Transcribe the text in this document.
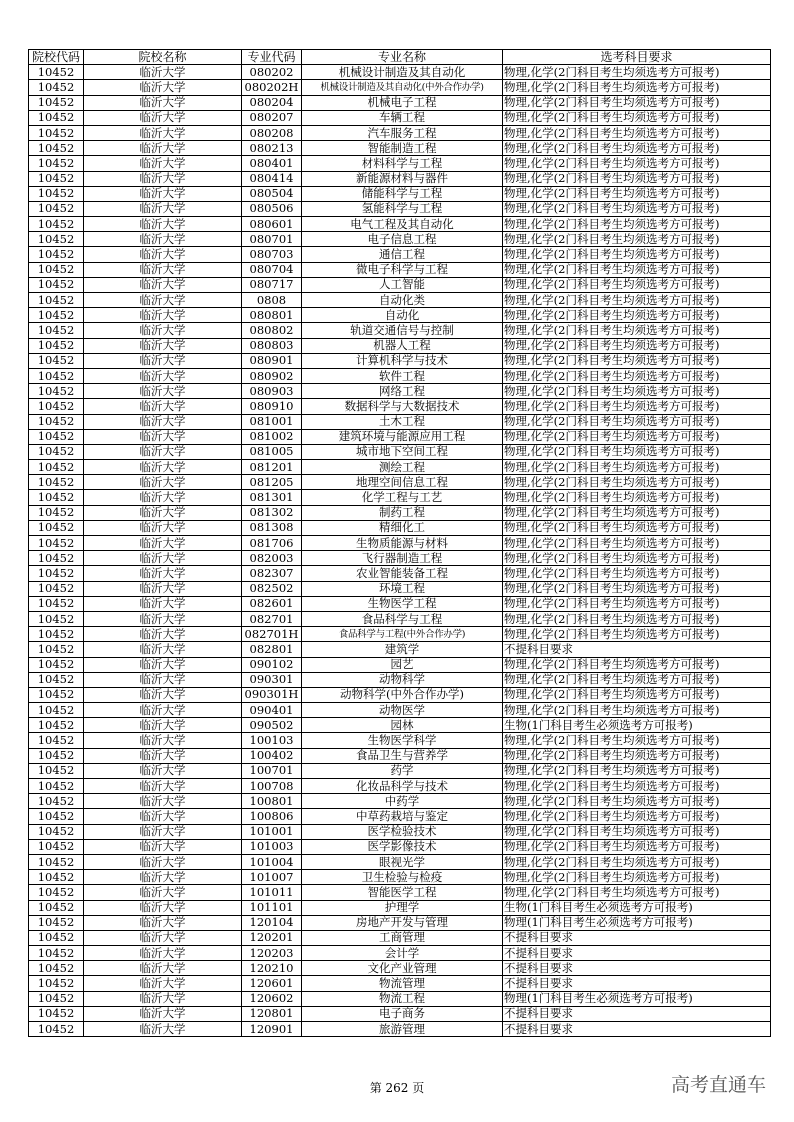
院校代码	院校名称	专业代码	专业名称	选考科目要求
10452	临沂大学	080202	机械设计制造及其自动化	物理,化学(2门科目考生均须选考方可报考)
10452	临沂大学	080202H	机械设计制造及其自动化(中外合作办学)	物理,化学(2门科目考生均须选考方可报考)
10452	临沂大学	080204	机械电子工程	物理,化学(2门科目考生均须选考方可报考)
10452	临沂大学	080207	车辆工程	物理,化学(2门科目考生均须选考方可报考)
10452	临沂大学	080208	汽车服务工程	物理,化学(2门科目考生均须选考方可报考)
10452	临沂大学	080213	智能制造工程	物理,化学(2门科目考生均须选考方可报考)
10452	临沂大学	080401	材料科学与工程	物理,化学(2门科目考生均须选考方可报考)
10452	临沂大学	080414	新能源材料与器件	物理,化学(2门科目考生均须选考方可报考)
10452	临沂大学	080504	储能科学与工程	物理,化学(2门科目考生均须选考方可报考)
10452	临沂大学	080506	氢能科学与工程	物理,化学(2门科目考生均须选考方可报考)
10452	临沂大学	080601	电气工程及其自动化	物理,化学(2门科目考生均须选考方可报考)
10452	临沂大学	080701	电子信息工程	物理,化学(2门科目考生均须选考方可报考)
10452	临沂大学	080703	通信工程	物理,化学(2门科目考生均须选考方可报考)
10452	临沂大学	080704	微电子科学与工程	物理,化学(2门科目考生均须选考方可报考)
10452	临沂大学	080717	人工智能	物理,化学(2门科目考生均须选考方可报考)
10452	临沂大学	0808	自动化类	物理,化学(2门科目考生均须选考方可报考)
10452	临沂大学	080801	自动化	物理,化学(2门科目考生均须选考方可报考)
10452	临沂大学	080802	轨道交通信号与控制	物理,化学(2门科目考生均须选考方可报考)
10452	临沂大学	080803	机器人工程	物理,化学(2门科目考生均须选考方可报考)
10452	临沂大学	080901	计算机科学与技术	物理,化学(2门科目考生均须选考方可报考)
10452	临沂大学	080902	软件工程	物理,化学(2门科目考生均须选考方可报考)
10452	临沂大学	080903	网络工程	物理,化学(2门科目考生均须选考方可报考)
10452	临沂大学	080910	数据科学与大数据技术	物理,化学(2门科目考生均须选考方可报考)
10452	临沂大学	081001	土木工程	物理,化学(2门科目考生均须选考方可报考)
10452	临沂大学	081002	建筑环境与能源应用工程	物理,化学(2门科目考生均须选考方可报考)
10452	临沂大学	081005	城市地下空间工程	物理,化学(2门科目考生均须选考方可报考)
10452	临沂大学	081201	测绘工程	物理,化学(2门科目考生均须选考方可报考)
10452	临沂大学	081205	地理空间信息工程	物理,化学(2门科目考生均须选考方可报考)
10452	临沂大学	081301	化学工程与工艺	物理,化学(2门科目考生均须选考方可报考)
10452	临沂大学	081302	制药工程	物理,化学(2门科目考生均须选考方可报考)
10452	临沂大学	081308	精细化工	物理,化学(2门科目考生均须选考方可报考)
10452	临沂大学	081706	生物质能源与材料	物理,化学(2门科目考生均须选考方可报考)
10452	临沂大学	082003	飞行器制造工程	物理,化学(2门科目考生均须选考方可报考)
10452	临沂大学	082307	农业智能装备工程	物理,化学(2门科目考生均须选考方可报考)
10452	临沂大学	082502	环境工程	物理,化学(2门科目考生均须选考方可报考)
10452	临沂大学	082601	生物医学工程	物理,化学(2门科目考生均须选考方可报考)
10452	临沂大学	082701	食品科学与工程	物理,化学(2门科目考生均须选考方可报考)
10452	临沂大学	082701H	食品科学与工程(中外合作办学)	物理,化学(2门科目考生均须选考方可报考)
10452	临沂大学	082801	建筑学	不提科目要求
10452	临沂大学	090102	园艺	物理,化学(2门科目考生均须选考方可报考)
10452	临沂大学	090301	动物科学	物理,化学(2门科目考生均须选考方可报考)
10452	临沂大学	090301H	动物科学(中外合作办学)	物理,化学(2门科目考生均须选考方可报考)
10452	临沂大学	090401	动物医学	物理,化学(2门科目考生均须选考方可报考)
10452	临沂大学	090502	园林	生物(1门科目考生必须选考方可报考)
10452	临沂大学	100103	生物医学科学	物理,化学(2门科目考生均须选考方可报考)
10452	临沂大学	100402	食品卫生与营养学	物理,化学(2门科目考生均须选考方可报考)
10452	临沂大学	100701	药学	物理,化学(2门科目考生均须选考方可报考)
10452	临沂大学	100708	化妆品科学与技术	物理,化学(2门科目考生均须选考方可报考)
10452	临沂大学	100801	中药学	物理,化学(2门科目考生均须选考方可报考)
10452	临沂大学	100806	中草药栽培与鉴定	物理,化学(2门科目考生均须选考方可报考)
10452	临沂大学	101001	医学检验技术	物理,化学(2门科目考生均须选考方可报考)
10452	临沂大学	101003	医学影像技术	物理,化学(2门科目考生均须选考方可报考)
10452	临沂大学	101004	眼视光学	物理,化学(2门科目考生均须选考方可报考)
10452	临沂大学	101007	卫生检验与检疫	物理,化学(2门科目考生均须选考方可报考)
10452	临沂大学	101011	智能医学工程	物理,化学(2门科目考生均须选考方可报考)
10452	临沂大学	101101	护理学	生物(1门科目考生必须选考方可报考)
10452	临沂大学	120104	房地产开发与管理	物理(1门科目考生必须选考方可报考)
10452	临沂大学	120201	工商管理	不提科目要求
10452	临沂大学	120203	会计学	不提科目要求
10452	临沂大学	120210	文化产业管理	不提科目要求
10452	临沂大学	120601	物流管理	不提科目要求
10452	临沂大学	120602	物流工程	物理(1门科目考生必须选考方可报考)
10452	临沂大学	120801	电子商务	不提科目要求
10452	临沂大学	120901	旅游管理	不提科目要求
第 262 页	高考直通车
